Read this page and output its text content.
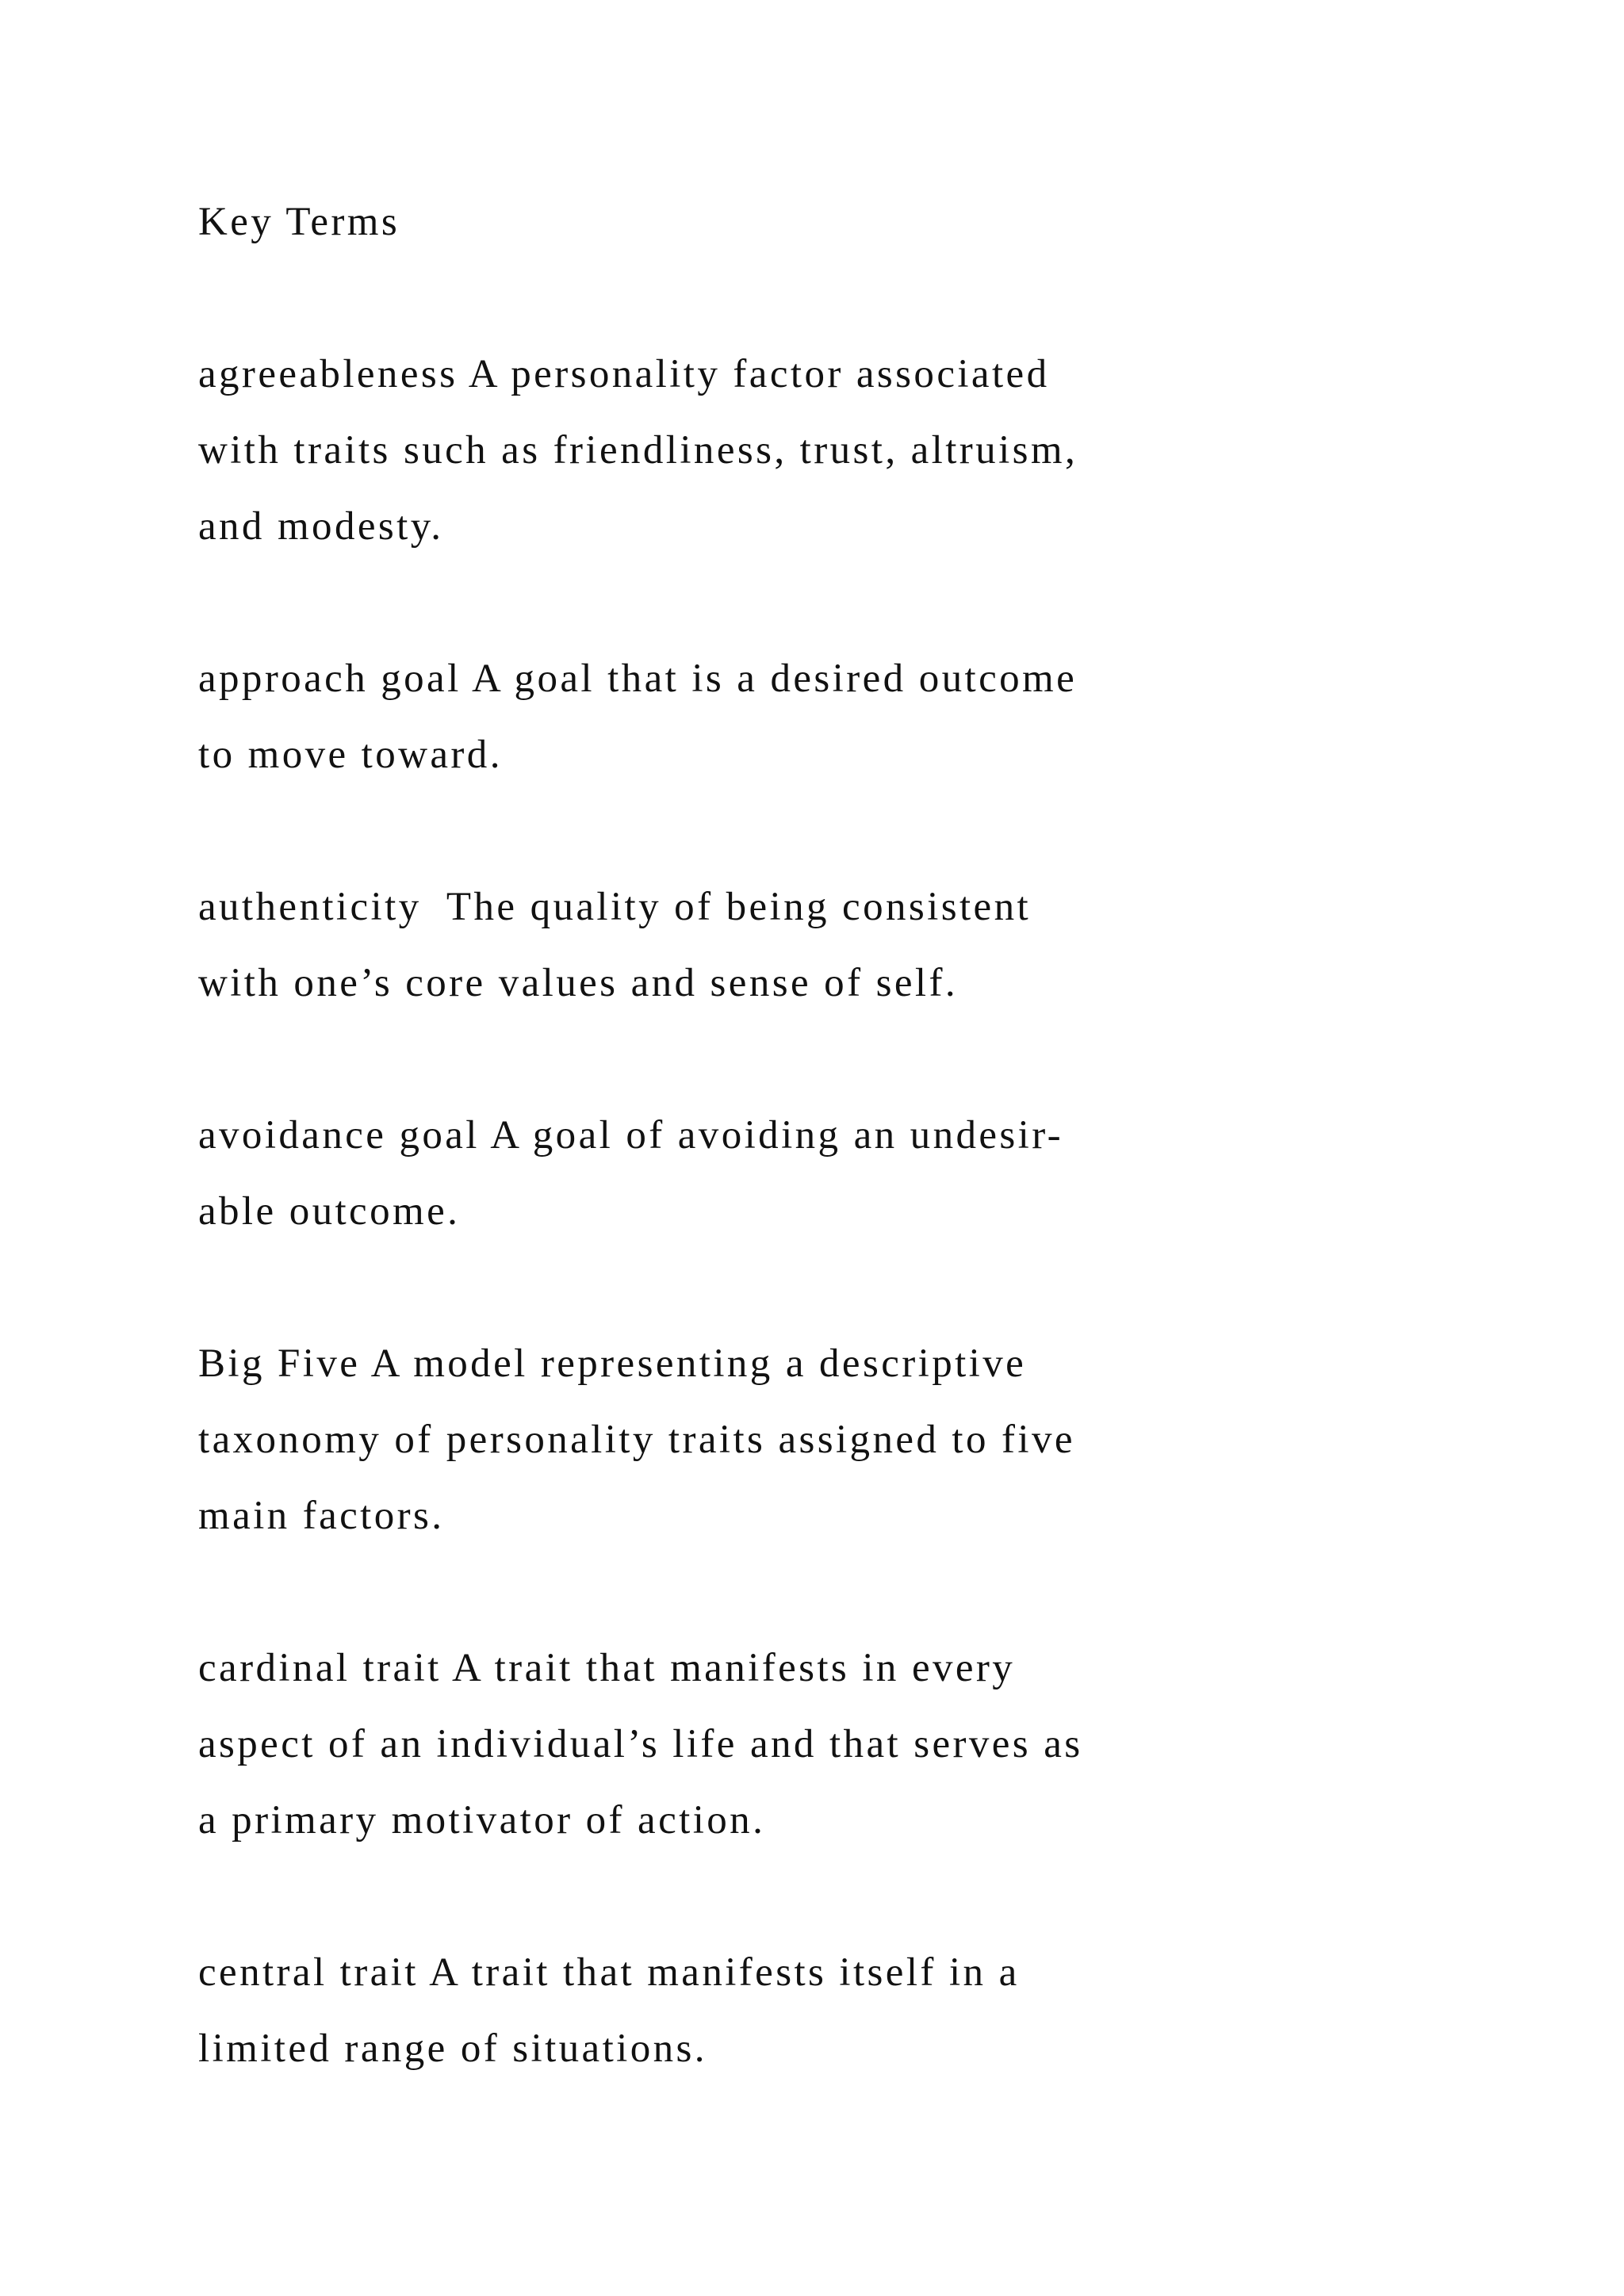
Key Terms

agreeableness A personality factor associated
with traits such as friendliness, trust, altruism,
and modesty.

approach goal A goal that is a desired outcome
to move toward.

authenticity  The quality of being consistent
with one’s core values and sense of self.

avoidance goal A goal of avoiding an undesir-
able outcome.

Big Five A model representing a descriptive
taxonomy of personality traits assigned to five
main factors.

cardinal trait A trait that manifests in every
aspect of an individual’s life and that serves as
a primary motivator of action.

central trait A trait that manifests itself in a
limited range of situations.
